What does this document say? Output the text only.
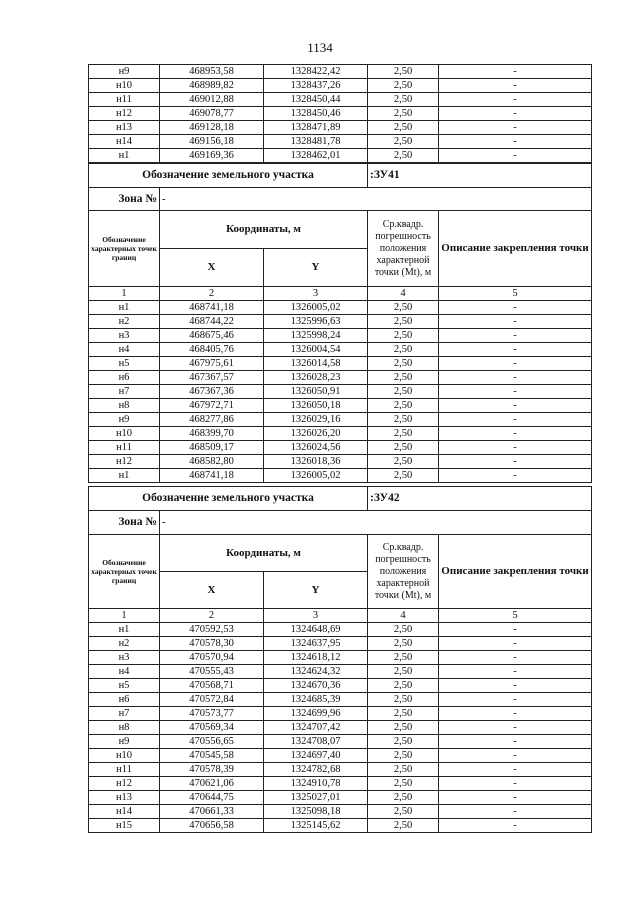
1134
н9	468953,58	1328422,42	2,50	-
н10	468989,82	1328437,26	2,50	-
н11	469012,88	1328450,44	2,50	-
н12	469078,77	1328450,46	2,50	-
н13	469128,18	1328471,89	2,50	-
н14	469156,18	1328481,78	2,50	-
н1	469169,36	1328462,01	2,50	-
Обозначение земельного участка			:ЗУ41	
Зона №	-			
Обозначение характерных точек границ	Координаты, м		Ср.квадр. погрешность положения характерной точки (Mt), м	Описание закрепления точки
	X	Y		
1	2	3	4	5
н1	468741,18	1326005,02	2,50	-
н2	468744,22	1325996,63	2,50	-
н3	468675,46	1325998,24	2,50	-
н4	468405,76	1326004,54	2,50	-
н5	467975,61	1326014,58	2,50	-
н6	467367,57	1326028,23	2,50	-
н7	467367,36	1326050,91	2,50	-
н8	467972,71	1326050,18	2,50	-
н9	468277,86	1326029,16	2,50	-
н10	468399,70	1326026,20	2,50	-
н11	468509,17	1326024,56	2,50	-
н12	468582,80	1326018,36	2,50	-
н1	468741,18	1326005,02	2,50	-
Обозначение земельного участка			:ЗУ42	
Зона №	-			
Обозначение характерных точек границ	Координаты, м		Ср.квадр. погрешность положения характерной точки (Mt), м	Описание закрепления точки
	X	Y		
1	2	3	4	5
н1	470592,53	1324648,69	2,50	-
н2	470578,30	1324637,95	2,50	-
н3	470570,94	1324618,12	2,50	-
н4	470555,43	1324624,32	2,50	-
н5	470568,71	1324670,36	2,50	-
н6	470572,84	1324685,39	2,50	-
н7	470573,77	1324699,96	2,50	-
н8	470569,34	1324707,42	2,50	-
н9	470556,65	1324708,07	2,50	-
н10	470545,58	1324697,40	2,50	-
н11	470578,39	1324782,68	2,50	-
н12	470621,06	1324910,78	2,50	-
н13	470644,75	1325027,01	2,50	-
н14	470661,33	1325098,18	2,50	-
н15	470656,58	1325145,62	2,50	-
